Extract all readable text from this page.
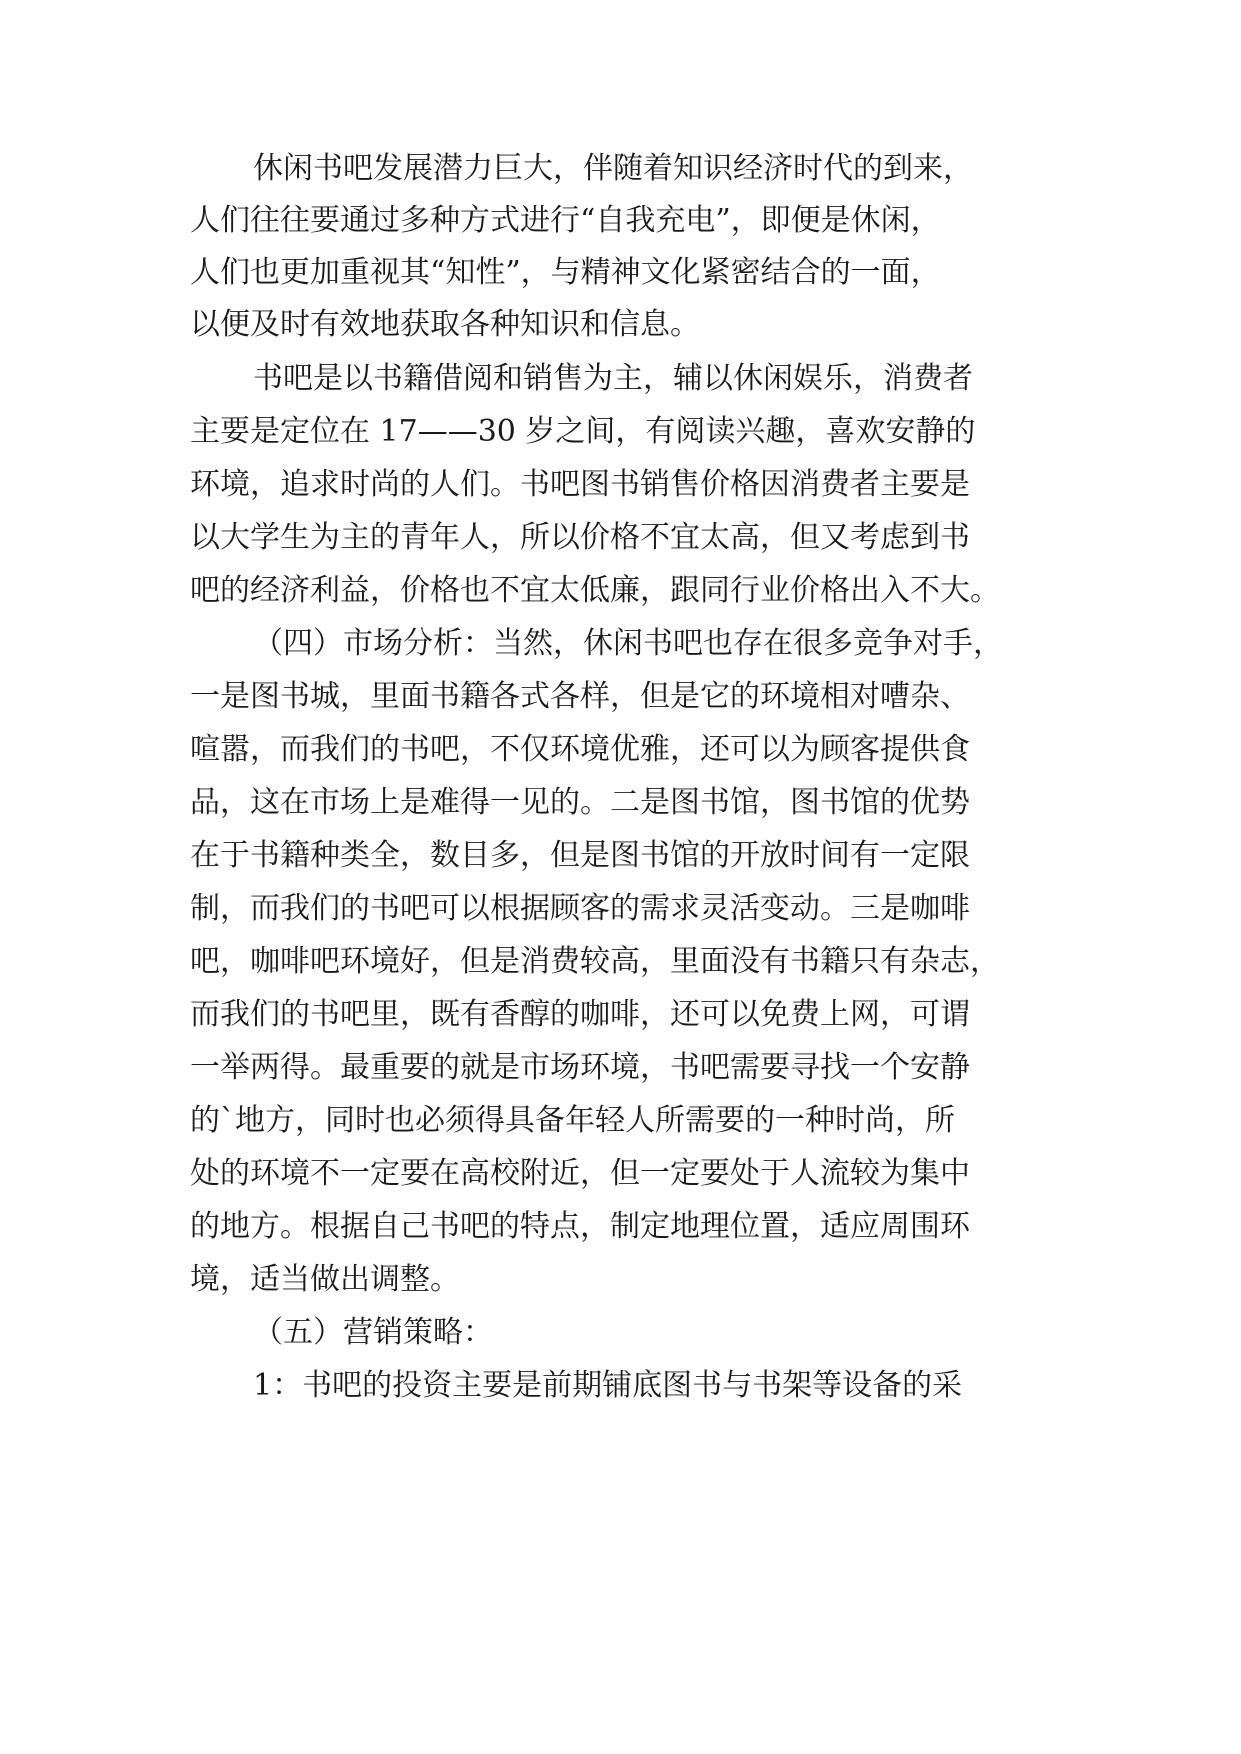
休闲书吧发展潜力巨大，伴随着知识经济时代的到来，

人们往往要通过多种方式进行“自我充电”，即便是休闲，

人们也更加重视其“知性”，与精神文化紧密结合的一面，

以便及时有效地获取各种知识和信息。

书吧是以书籍借阅和销售为主，辅以休闲娱乐，消费者

主要是定位在 17——30 岁之间，有阅读兴趣，喜欢安静的

环境，追求时尚的人们。书吧图书销售价格因消费者主要是

以大学生为主的青年人，所以价格不宜太高，但又考虑到书

吧的经济利益，价格也不宜太低廉，跟同行业价格出入不大。

（四）市场分析：当然，休闲书吧也存在很多竞争对手，

一是图书城，里面书籍各式各样，但是它的环境相对嘈杂、

喧嚣，而我们的书吧，不仅环境优雅，还可以为顾客提供食

品，这在市场上是难得一见的。二是图书馆，图书馆的优势

在于书籍种类全，数目多，但是图书馆的开放时间有一定限

制，而我们的书吧可以根据顾客的需求灵活变动。三是咖啡

吧，咖啡吧环境好，但是消费较高，里面没有书籍只有杂志，

而我们的书吧里，既有香醇的咖啡，还可以免费上网，可谓

一举两得。最重要的就是市场环境，书吧需要寻找一个安静

的`地方，同时也必须得具备年轻人所需要的一种时尚，所

处的环境不一定要在高校附近，但一定要处于人流较为集中

的地方。根据自己书吧的特点，制定地理位置，适应周围环

境，适当做出调整。

（五）营销策略：

1：书吧的投资主要是前期铺底图书与书架等设备的采
